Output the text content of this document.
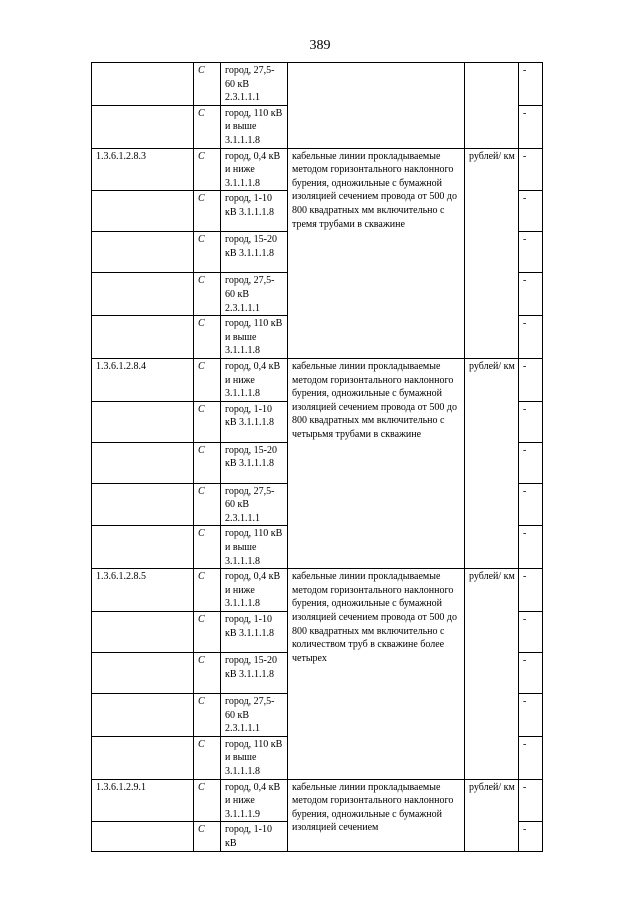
389
	С	город, 27,5-60 кВ 2.3.1.1.1			-
	С	город, 110 кВ и выше 3.1.1.1.8			-
1.3.6.1.2.8.3	С	город, 0,4 кВ и ниже 3.1.1.1.8	кабельные линии прокладываемые методом горизонтального наклонного бурения, одножильные с бумажной изоляцией сечением провода от 500 до 800 квадратных мм включительно с тремя трубами в скважине	рублей/ км	-
	С	город, 1-10 кВ 3.1.1.1.8			-
	С	город, 15-20 кВ 3.1.1.1.8			-
	С	город, 27,5-60 кВ 2.3.1.1.1			-
	С	город, 110 кВ и выше 3.1.1.1.8			-
1.3.6.1.2.8.4	С	город, 0,4 кВ и ниже 3.1.1.1.8	кабельные линии прокладываемые методом горизонтального наклонного бурения, одножильные с бумажной изоляцией сечением провода от 500 до 800 квадратных мм включительно с четырьмя трубами в скважине	рублей/ км	-
	С	город, 1-10 кВ 3.1.1.1.8			-
	С	город, 15-20 кВ 3.1.1.1.8			-
	С	город, 27,5-60 кВ 2.3.1.1.1			-
	С	город, 110 кВ и выше 3.1.1.1.8			-
1.3.6.1.2.8.5	С	город, 0,4 кВ и ниже 3.1.1.1.8	кабельные линии прокладываемые методом горизонтального наклонного бурения, одножильные с бумажной изоляцией сечением провода от 500 до 800 квадратных мм включительно с количеством труб в скважине более четырех	рублей/ км	-
	С	город, 1-10 кВ 3.1.1.1.8			-
	С	город, 15-20 кВ 3.1.1.1.8			-
	С	город, 27,5-60 кВ 2.3.1.1.1			-
	С	город, 110 кВ и выше 3.1.1.1.8			-
1.3.6.1.2.9.1	С	город, 0,4 кВ и ниже 3.1.1.1.9	кабельные линии прокладываемые методом горизонтального наклонного бурения, одножильные с бумажной изоляцией сечением	рублей/ км	-
	С	город, 1-10 кВ			-
